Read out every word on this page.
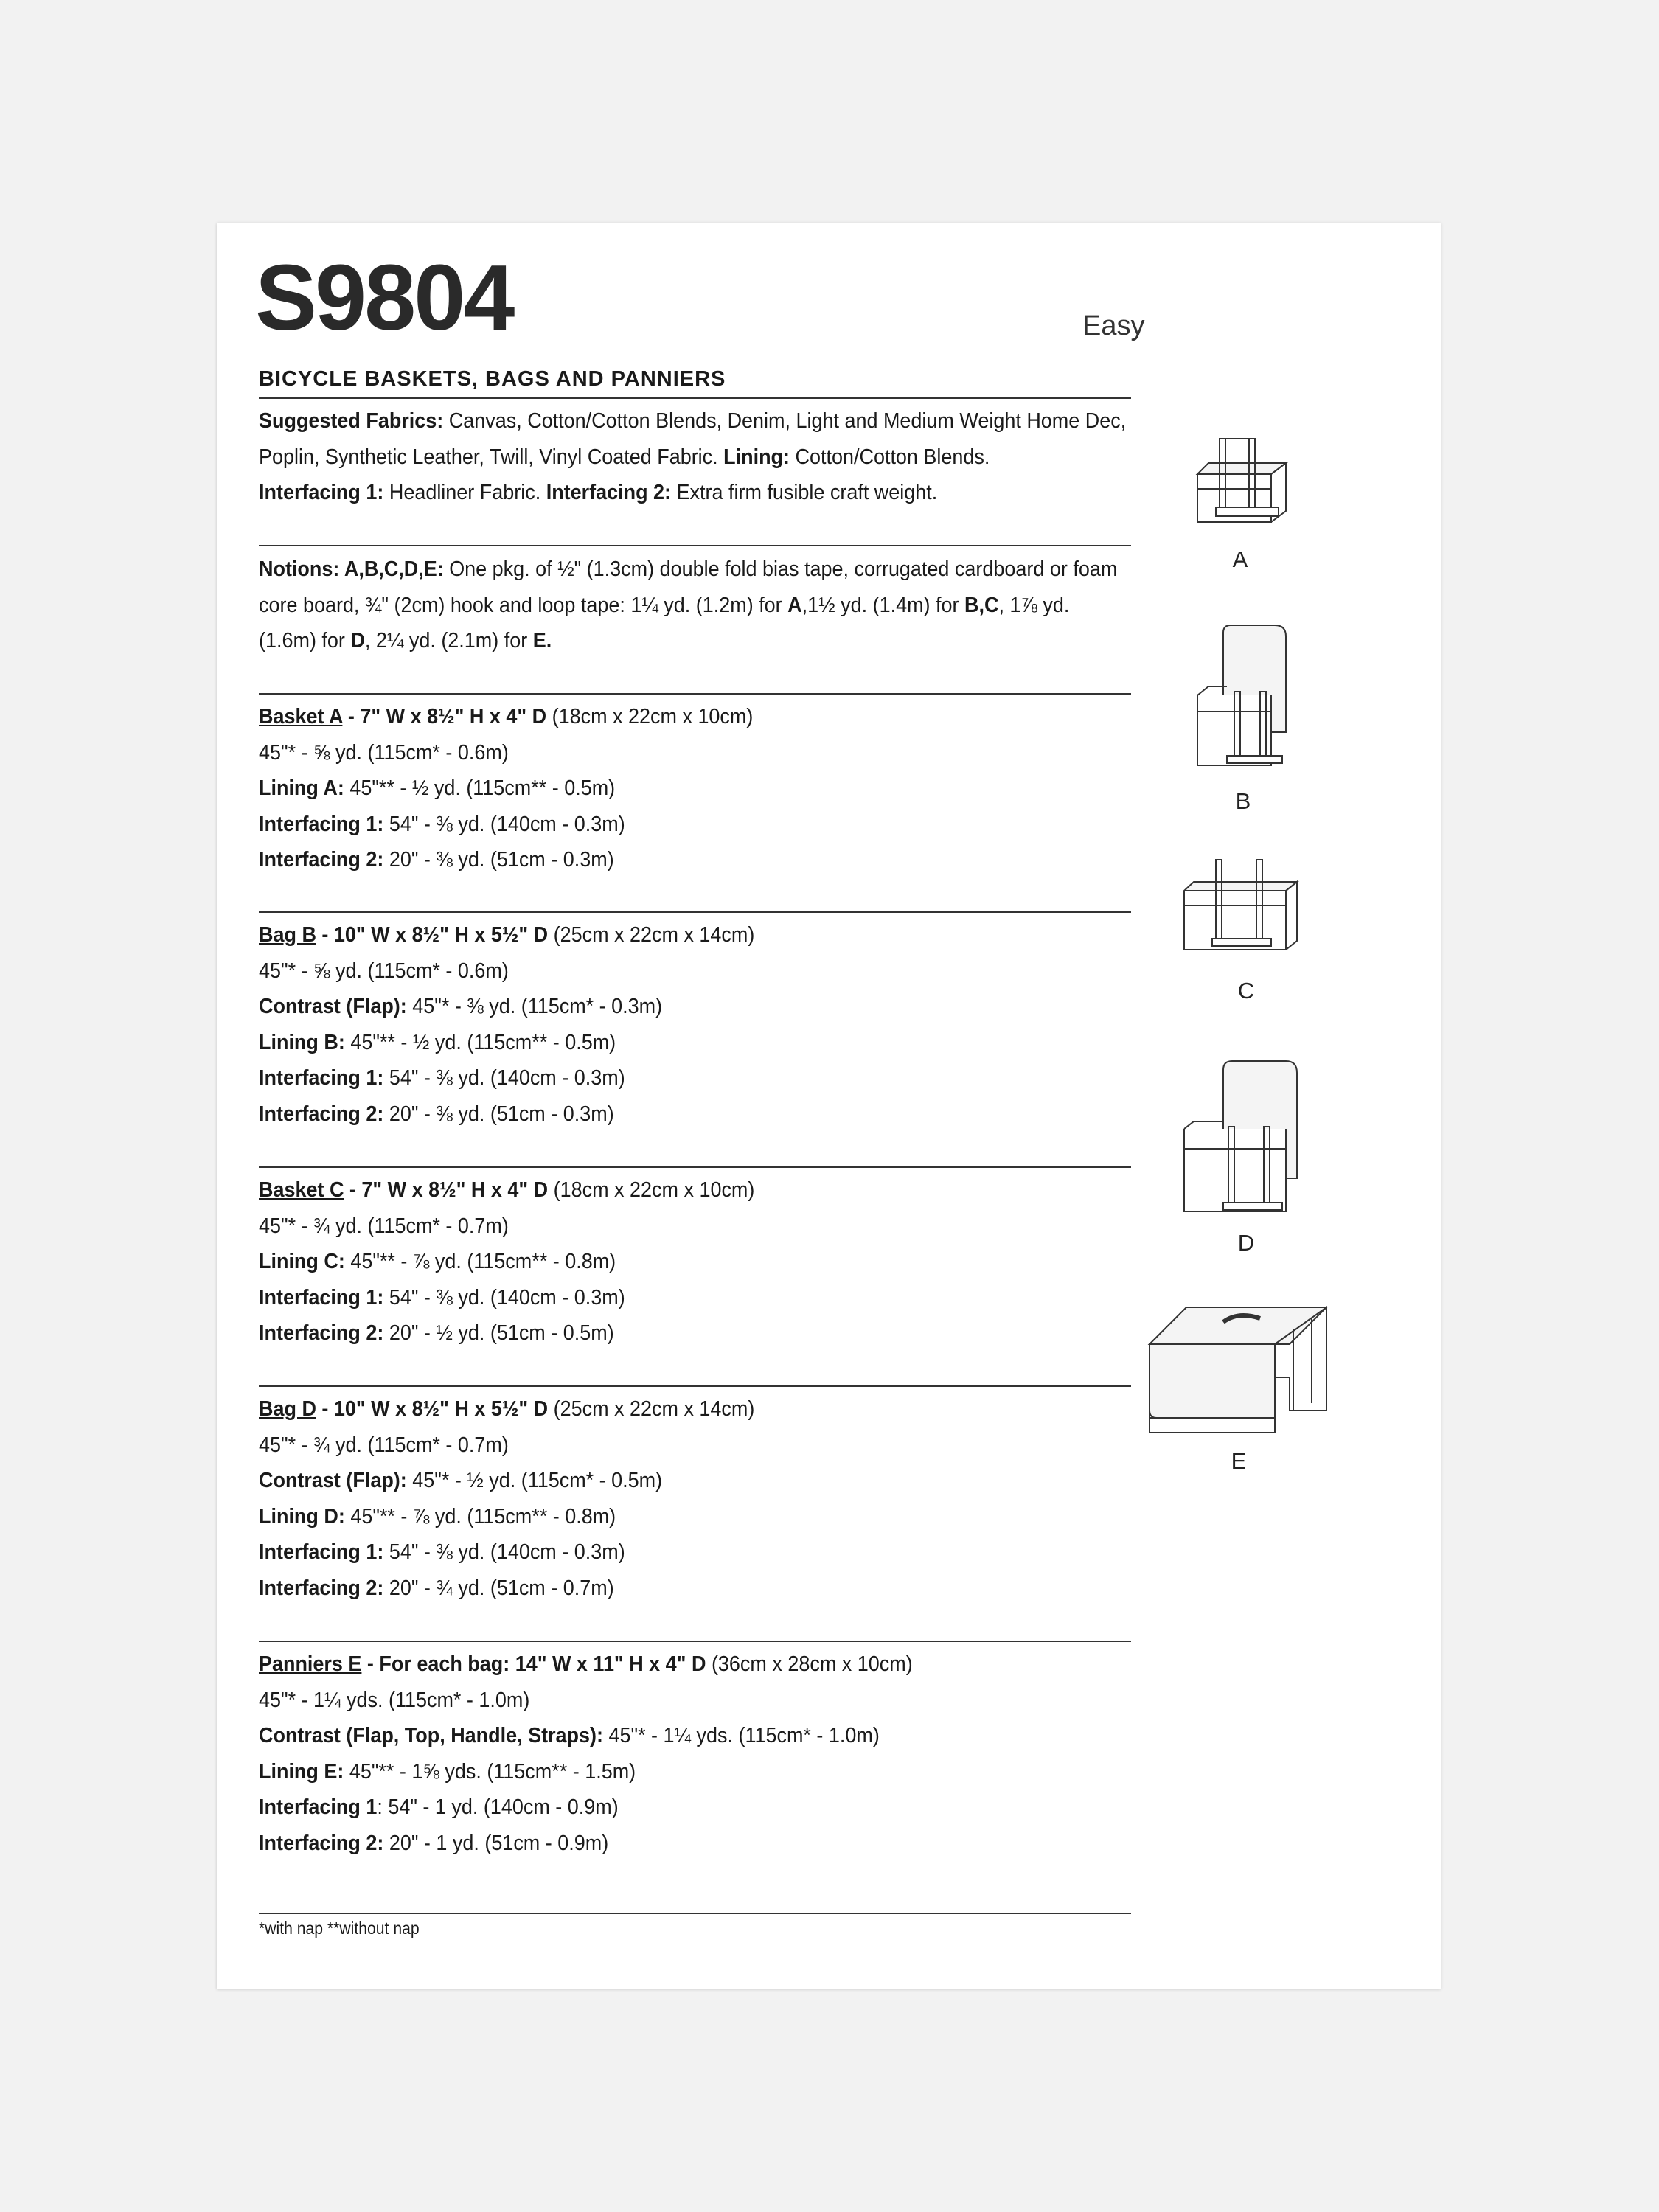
S9804	Easy
BICYCLE BASKETS, BAGS AND PANNIERS
Suggested Fabrics: Canvas, Cotton/Cotton Blends, Denim, Light and Medium Weight Home Dec,
Poplin, Synthetic Leather, Twill, Vinyl Coated Fabric. Lining: Cotton/Cotton Blends.
Interfacing 1: Headliner Fabric. Interfacing 2: Extra firm fusible craft weight.
Notions: A,B,C,D,E: One pkg. of ½" (1.3cm) double fold bias tape, corrugated cardboard or foam
core board, ¾" (2cm) hook and loop tape: 1¼ yd. (1.2m) for A,1½ yd. (1.4m) for B,C, 1⅞ yd.
(1.6m) for D, 2¼ yd. (2.1m) for E.
Basket A - 7" W x 8½" H x 4" D (18cm x 22cm x 10cm)
45"* - ⅝ yd. (115cm* - 0.6m)
Lining A: 45"** - ½ yd. (115cm** - 0.5m)
Interfacing 1: 54" - ⅜ yd. (140cm - 0.3m)
Interfacing 2: 20" - ⅜ yd. (51cm - 0.3m)
Bag B - 10" W x 8½" H x 5½" D (25cm x 22cm x 14cm)
45"* - ⅝ yd. (115cm* - 0.6m)
Contrast (Flap): 45"* - ⅜ yd. (115cm* - 0.3m)
Lining B: 45"** - ½ yd. (115cm** - 0.5m)
Interfacing 1: 54" - ⅜ yd. (140cm - 0.3m)
Interfacing 2: 20" - ⅜ yd. (51cm - 0.3m)
Basket C - 7" W x 8½" H x 4" D (18cm x 22cm x 10cm)
45"* - ¾ yd. (115cm* - 0.7m)
Lining C: 45"** - ⅞ yd. (115cm** - 0.8m)
Interfacing 1: 54" - ⅜ yd. (140cm - 0.3m)
Interfacing 2: 20" - ½ yd. (51cm - 0.5m)
Bag D - 10" W x 8½" H x 5½" D (25cm x 22cm x 14cm)
45"* - ¾ yd. (115cm* - 0.7m)
Contrast (Flap): 45"* - ½ yd. (115cm* - 0.5m)
Lining D: 45"** - ⅞ yd. (115cm** - 0.8m)
Interfacing 1: 54" - ⅜ yd. (140cm - 0.3m)
Interfacing 2: 20" - ¾ yd. (51cm - 0.7m)
Panniers E - For each bag: 14" W x 11" H x 4" D (36cm x 28cm x 10cm)
45"* - 1¼ yds. (115cm* - 1.0m)
Contrast (Flap, Top, Handle, Straps): 45"* - 1¼ yds. (115cm* - 1.0m)
Lining E: 45"** - 1⅝ yds. (115cm** - 1.5m)
Interfacing 1: 54" - 1 yd. (140cm - 0.9m)
Interfacing 2: 20" - 1 yd. (51cm - 0.9m)
*with nap **without nap
A
B
C
D
E
